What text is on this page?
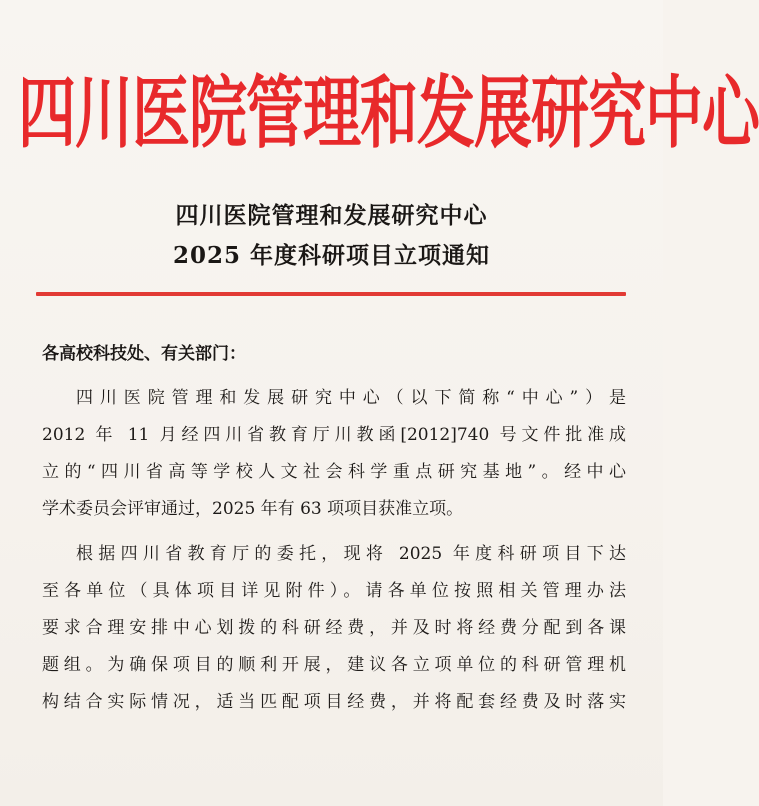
四川医院管理和发展研究中心
四川医院管理和发展研究中心
2025 年度科研项目立项通知
各高校科技处、有关部门：
四川医院管理和发展研究中心（以下简称“中心”）是
2012 年 11 月经四川省教育厅川教函[2012]740 号文件批准成
立的“四川省高等学校人文社会科学重点研究基地”。经中心
学术委员会评审通过，2025 年有 63 项项目获准立项。
根据四川省教育厅的委托，现将 2025 年度科研项目下达
至各单位（具体项目详见附件）。请各单位按照相关管理办法
要求合理安排中心划拨的科研经费，并及时将经费分配到各课
题组。为确保项目的顺利开展，建议各立项单位的科研管理机
构结合实际情况，适当匹配项目经费，并将配套经费及时落实
